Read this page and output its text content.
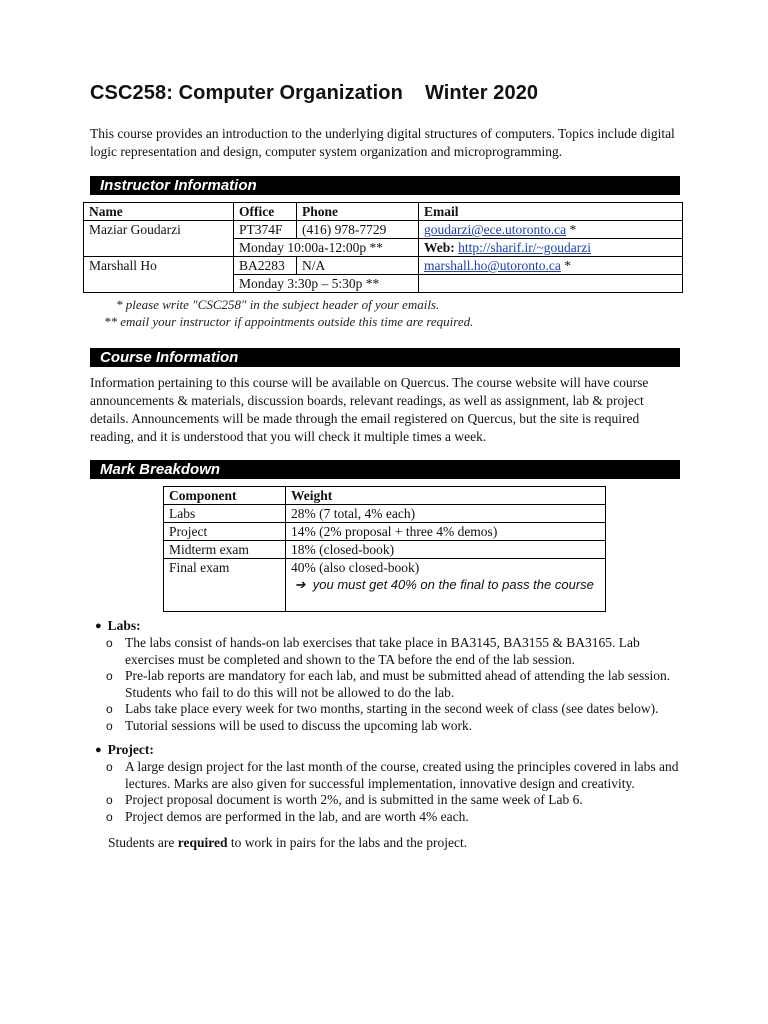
CSC258: Computer Organization Winter 2020
This course provides an introduction to the underlying digital structures of computers. Topics include digital logic representation and design, computer system organization and microprogramming.
Instructor Information
Name	Office	Phone	Email
Maziar Goudarzi	PT374F	(416) 978-7729	goudarzi@ece.utoronto.ca *
	Monday 10:00a-12:00p **		Web: http://sharif.ir/~goudarzi
Marshall Ho	BA2283	N/A	marshall.ho@utoronto.ca *
	Monday 3:30p – 5:30p **		
* please write "CSC258" in the subject header of your emails.
** email your instructor if appointments outside this time are required.
Course Information
Information pertaining to this course will be available on Quercus. The course website will have course announcements & materials, discussion boards, relevant readings, as well as assignment, lab & project details. Announcements will be made through the email registered on Quercus, but the site is required reading, and it is understood that you will check it multiple times a week.
Mark Breakdown
Component	Weight
Labs	28% (7 total, 4% each)
Project	14% (2% proposal + three 4% demos)
Midterm exam	18% (closed-book)
Final exam	40% (also closed-book)
➔ you must get 40% on the final to pass the course
● Labs:
o The labs consist of hands-on lab exercises that take place in BA3145, BA3155 & BA3165. Lab exercises must be completed and shown to the TA before the end of the lab session.
o Pre-lab reports are mandatory for each lab, and must be submitted ahead of attending the lab session. Students who fail to do this will not be allowed to do the lab.
o Labs take place every week for two months, starting in the second week of class (see dates below).
o Tutorial sessions will be used to discuss the upcoming lab work.
● Project:
o A large design project for the last month of the course, created using the principles covered in labs and lectures. Marks are also given for successful implementation, innovative design and creativity.
o Project proposal document is worth 2%, and is submitted in the same week of Lab 6.
o Project demos are performed in the lab, and are worth 4% each.
Students are required to work in pairs for the labs and the project.
